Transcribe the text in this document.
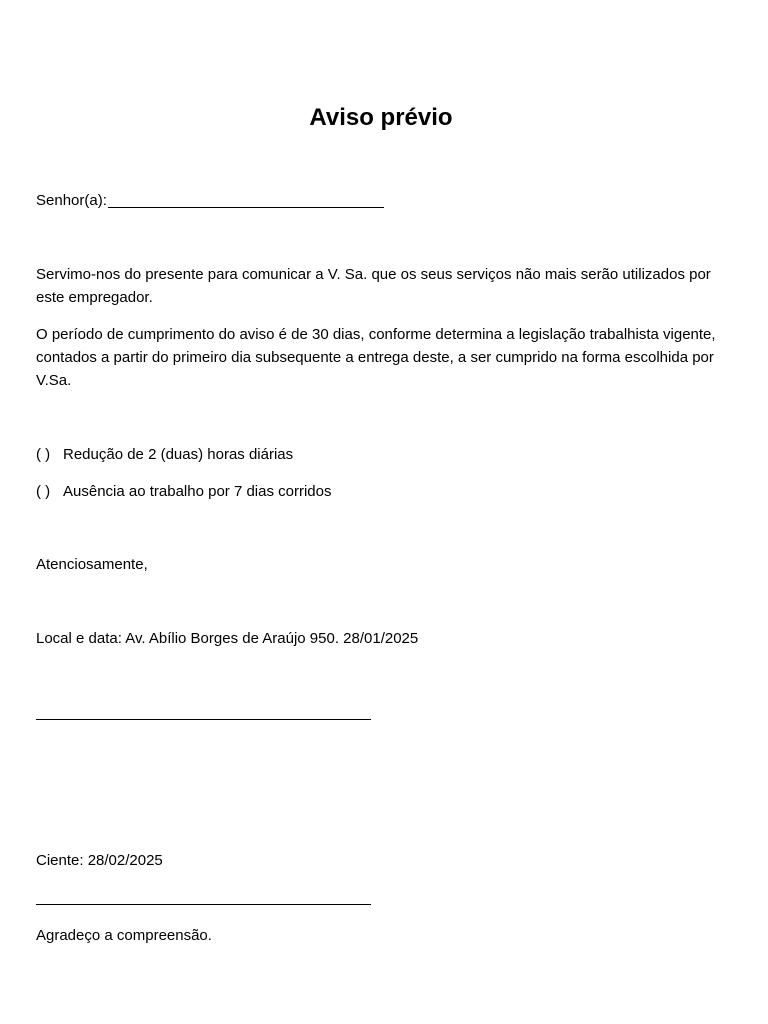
Aviso prévio
Senhor(a):

Servimo-nos do presente para comunicar a V. Sa. que os seus serviços não mais serão utilizados por este empregador.

O período de cumprimento do aviso é de 30 dias, conforme determina a legislação trabalhista vigente, contados a partir do primeiro dia subsequente a entrega deste, a ser cumprido na forma escolhida por V.Sa.

( ) Redução de 2 (duas) horas diárias
( ) Ausência ao trabalho por 7 dias corridos
Atenciosamente,
Local e data: Av. Abílio Borges de Araújo 950. 28/01/2025
Ciente: 28/02/2025
Agradeço a compreensão.
